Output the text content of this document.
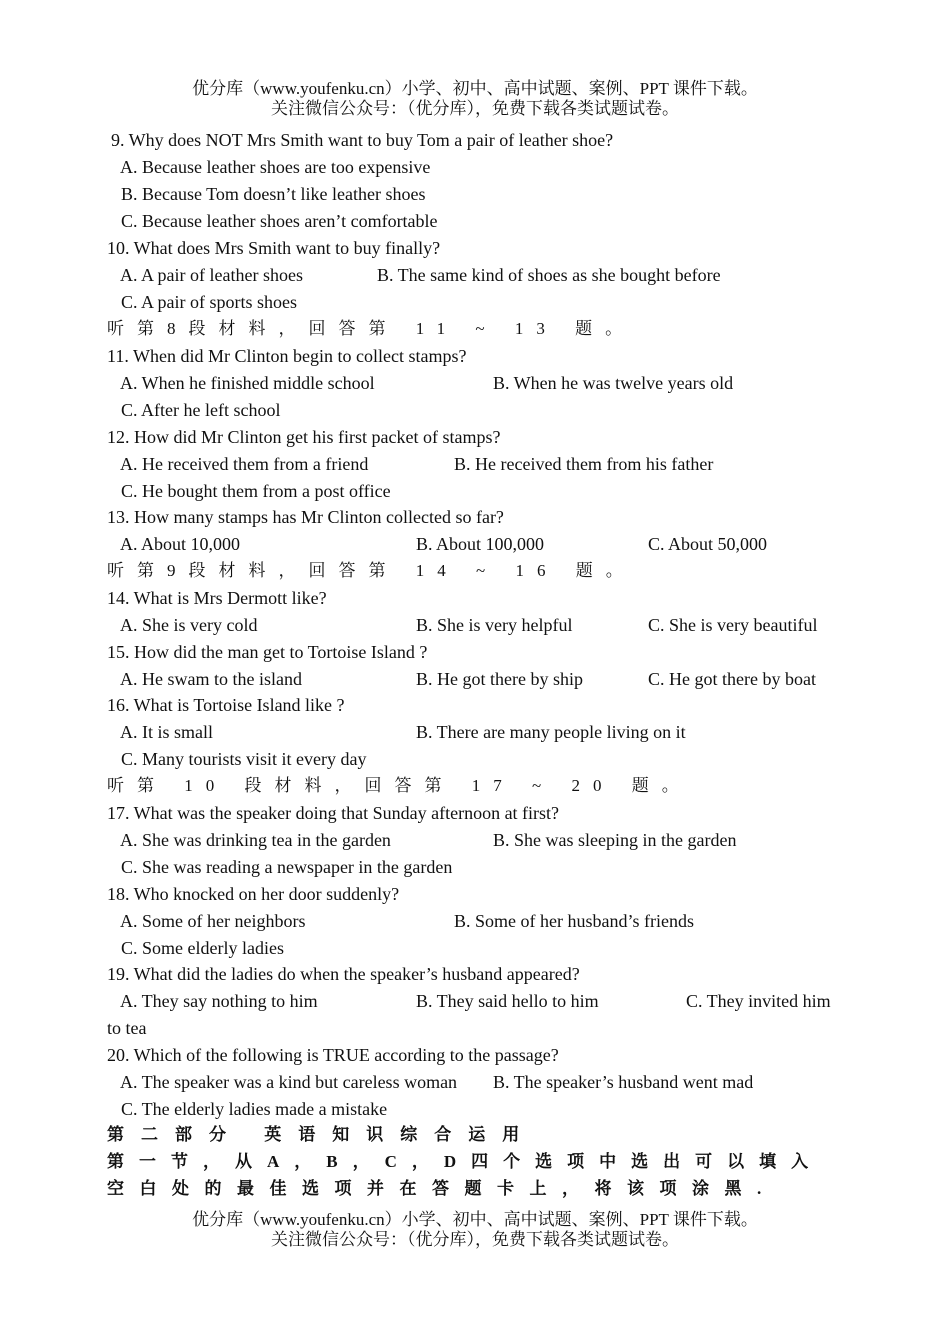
优分库（www.youfenku.cn）小学、初中、高中试题、案例、PPT 课件下载。
关注微信公众号：（优分库），免费下载各类试题试卷。
9. Why does NOT Mrs Smith want to buy Tom a pair of leather shoe?
A. Because leather shoes are too expensive
B. Because Tom doesn’t like leather shoes
C. Because leather shoes aren’t comfortable
10. What does Mrs Smith want to buy finally?
A. A pair of leather shoes	B. The same kind of shoes as she bought before
C. A pair of sports shoes
听第8段材料，回答第 11 ~ 13 题。
11. When did Mr Clinton begin to collect stamps?
A. When he finished middle school	B. When he was twelve years old
C. After he left school
12. How did Mr Clinton get his first packet of stamps?
A. He received them from a friend	B. He received them from his father
C. He bought them from a post office
13. How many stamps has Mr Clinton collected so far?
A. About 10,000	B. About 100,000	C. About 50,000
听第9段材料，回答第 14 ~ 16 题。
14. What is Mrs Dermott like?
A. She is very cold	B. She is very helpful	C. She is very beautiful
15. How did the man get to Tortoise Island ?
A. He swam to the island	B. He got there by ship	C. He got there by boat
16. What is Tortoise Island like ?
A. It is small	B. There are many people living on it
C. Many tourists visit it every day
听第 10 段材料，回答第 17 ~ 20 题。
17. What was the speaker doing that Sunday afternoon at first?
A. She was drinking tea in the garden	B. She was sleeping in the garden
C. She was reading a newspaper in the garden
18. Who knocked on her door suddenly?
A. Some of her neighbors	B. Some of her husband’s friends
C. Some elderly ladies
19. What did the ladies do when the speaker’s husband appeared?
A. They say nothing to him	B. They said hello to him	C. They invited him
to tea
20. Which of the following is TRUE according to the passage?
A. The speaker was a kind but careless woman B. The speaker’s husband went mad
C. The elderly ladies made a mistake
第二部分 英语知识综合运用
第一节，从A，B，C，D四个选项中选出可以填入
空白处的最佳选项并在答题卡上，将该项涂黑.
优分库（www.youfenku.cn）小学、初中、高中试题、案例、PPT 课件下载。
关注微信公众号：（优分库），免费下载各类试题试卷。
